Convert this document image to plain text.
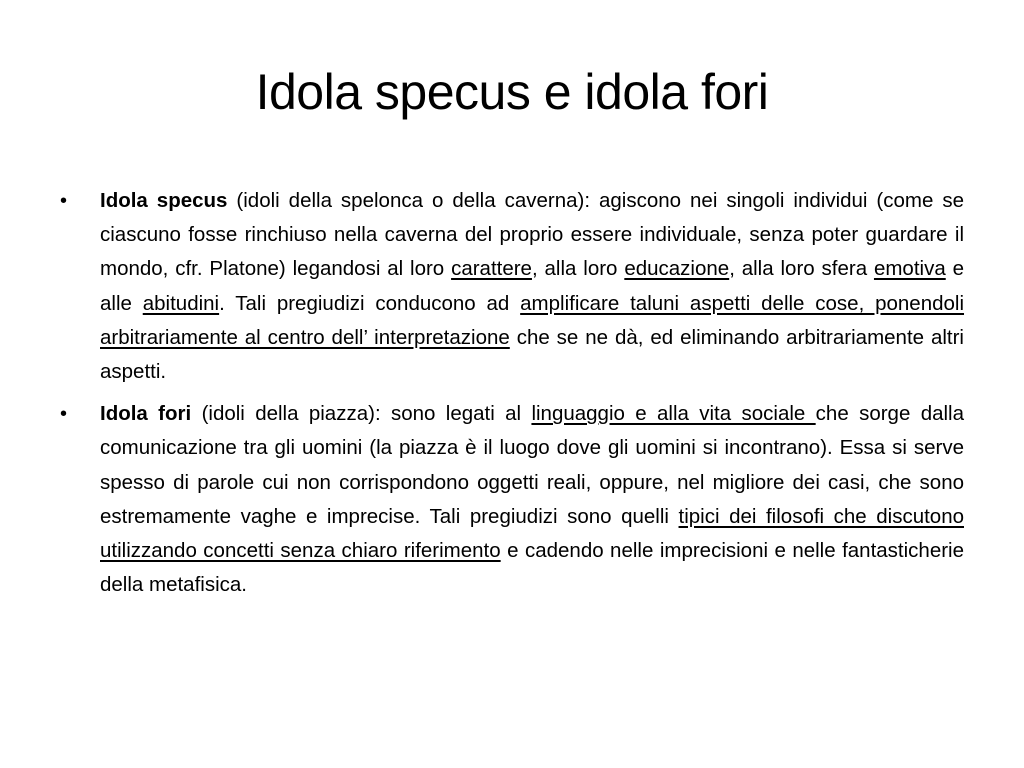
Idola specus e idola fori
•	Idola specus (idoli della spelonca o della caverna): agiscono nei singoli individui (come se ciascuno fosse rinchiuso nella caverna del proprio essere individuale, senza poter guardare il mondo, cfr. Platone) legandosi al loro carattere, alla loro educazione, alla loro sfera emotiva e alle abitudini. Tali pregiudizi conducono ad amplificare taluni aspetti delle cose, ponendoli arbitrariamente al centro dell’ interpretazione che se ne dà, ed eliminando arbitrariamente altri aspetti.

•	Idola fori (idoli della piazza): sono legati al linguaggio e alla vita sociale che sorge dalla comunicazione tra gli uomini (la piazza è il luogo dove gli uomini si incontrano). Essa si serve spesso di parole cui non corrispondono oggetti reali, oppure, nel migliore dei casi, che sono estremamente vaghe e imprecise. Tali pregiudizi sono quelli tipici dei filosofi che discutono utilizzando concetti senza chiaro riferimento e cadendo nelle imprecisioni e nelle fantasticherie della metafisica.
